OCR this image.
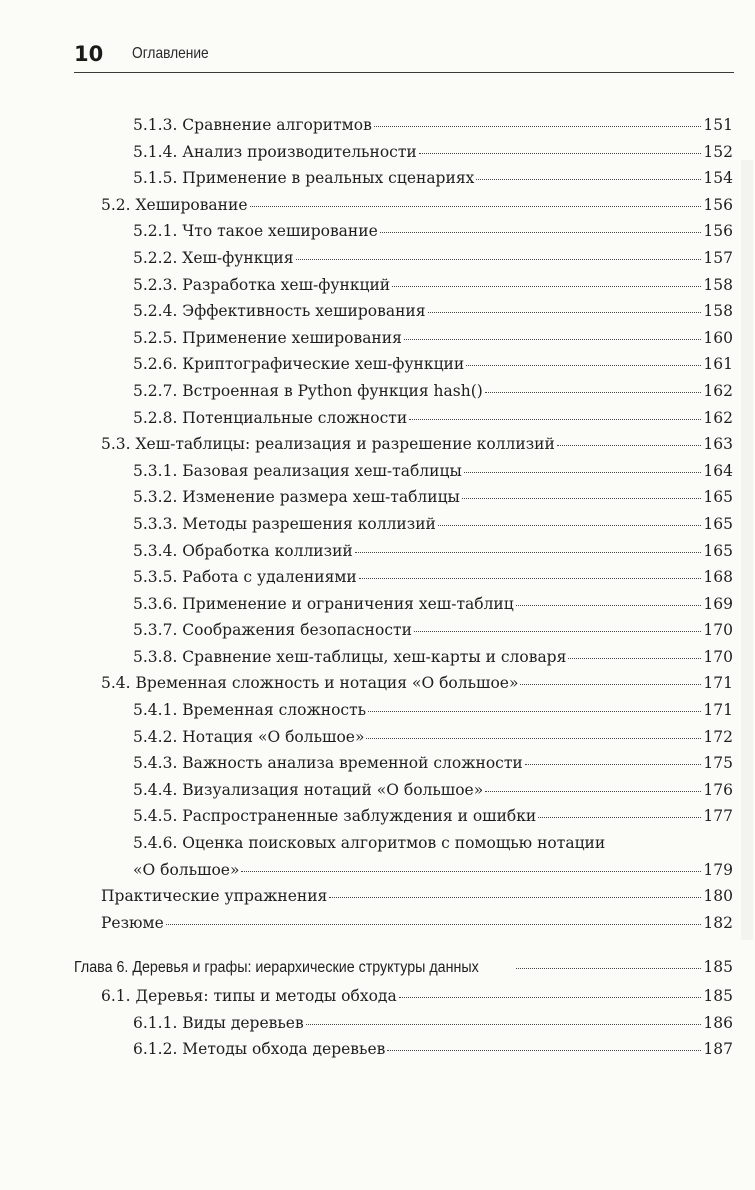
10 Оглавление
5.1.3. Сравнение алгоритмов	151
5.1.4. Анализ производительности	152
5.1.5. Применение в реальных сценариях	154
5.2. Хеширование	156
5.2.1. Что такое хеширование	156
5.2.2. Хеш-функция	157
5.2.3. Разработка хеш-функций	158
5.2.4. Эффективность хеширования	158
5.2.5. Применение хеширования	160
5.2.6. Криптографические хеш-функции	161
5.2.7. Встроенная в Python функция hash()	162
5.2.8. Потенциальные сложности	162
5.3. Хеш-таблицы: реализация и разрешение коллизий	163
5.3.1. Базовая реализация хеш-таблицы	164
5.3.2. Изменение размера хеш-таблицы	165
5.3.3. Методы разрешения коллизий	165
5.3.4. Обработка коллизий	165
5.3.5. Работа с удалениями	168
5.3.6. Применение и ограничения хеш-таблиц	169
5.3.7. Соображения безопасности	170
5.3.8. Сравнение хеш-таблицы, хеш-карты и словаря	170
5.4. Временная сложность и нотация «О большое»	171
5.4.1. Временная сложность	171
5.4.2. Нотация «О большое»	172
5.4.3. Важность анализа временной сложности	175
5.4.4. Визуализация нотаций «О большое»	176
5.4.5. Распространенные заблуждения и ошибки	177
5.4.6. Оценка поисковых алгоритмов с помощью нотации
«О большое»	179
Практические упражнения	180
Резюме	182
Глава 6. Деревья и графы: иерархические структуры данных	185
6.1. Деревья: типы и методы обхода	185
6.1.1. Виды деревьев	186
6.1.2. Методы обхода деревьев	187
